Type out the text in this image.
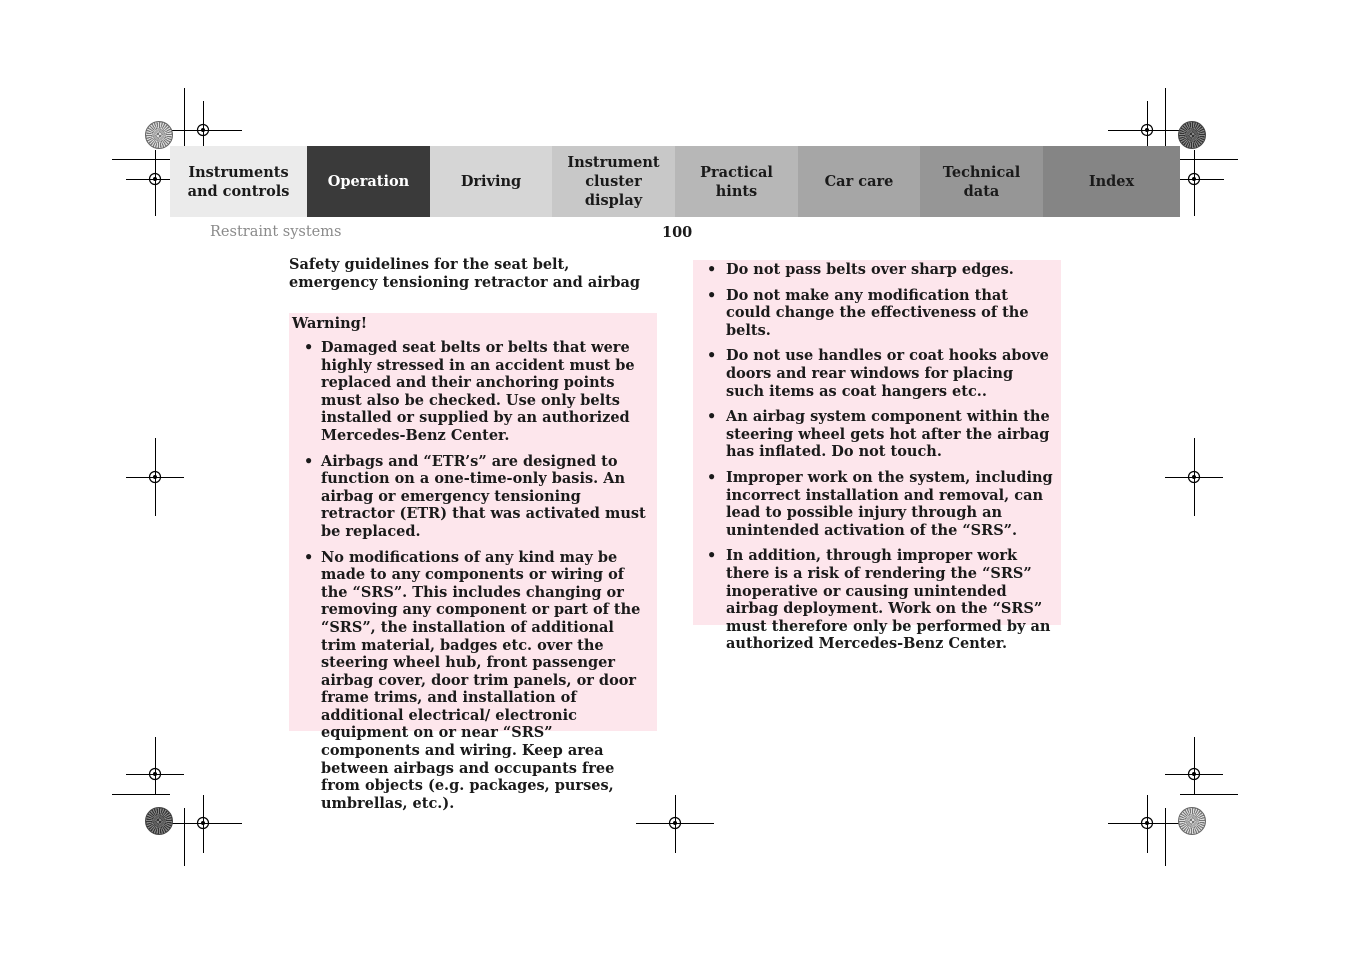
Instruments
and controls
Operation	Driving
Instrument
cluster display
Practical hints
Car care
Technical
data
Index
Restraint systems	100
Safety guidelines for the seat belt, emergency tensioning retractor and airbag
Warning!
• Damaged seat belts or belts that were highly stressed in an accident must be replaced and their anchoring points must also be checked. Use only belts installed or supplied by an authorized Mercedes-Benz Center.
• Airbags and “ETR’s” are designed to function on a one-time-only basis. An airbag or emergency tensioning retractor (ETR) that was activated must be replaced.
• No modifications of any kind may be made to any components or wiring of the “SRS”. This includes changing or removing any component or part of the “SRS”, the installation of additional trim material, badges etc. over the steering wheel hub, front passenger airbag cover, door trim panels, or door frame trims, and installation of additional electrical/ electronic equipment on or near “SRS” components and wiring. Keep area between airbags and occupants free from objects (e.g. packages, purses, umbrellas, etc.).
• Do not pass belts over sharp edges.
• Do not make any modification that could change the effectiveness of the belts.
• Do not use handles or coat hooks above doors and rear windows for placing such items as coat hangers etc..
• An airbag system component within the steering wheel gets hot after the airbag has inflated. Do not touch.
• Improper work on the system, including incorrect installation and removal, can lead to possible injury through an unintended activation of the “SRS”.
• In addition, through improper work there is a risk of rendering the “SRS” inoperative or causing unintended airbag deployment. Work on the “SRS” must therefore only be performed by an authorized Mercedes-Benz Center.
